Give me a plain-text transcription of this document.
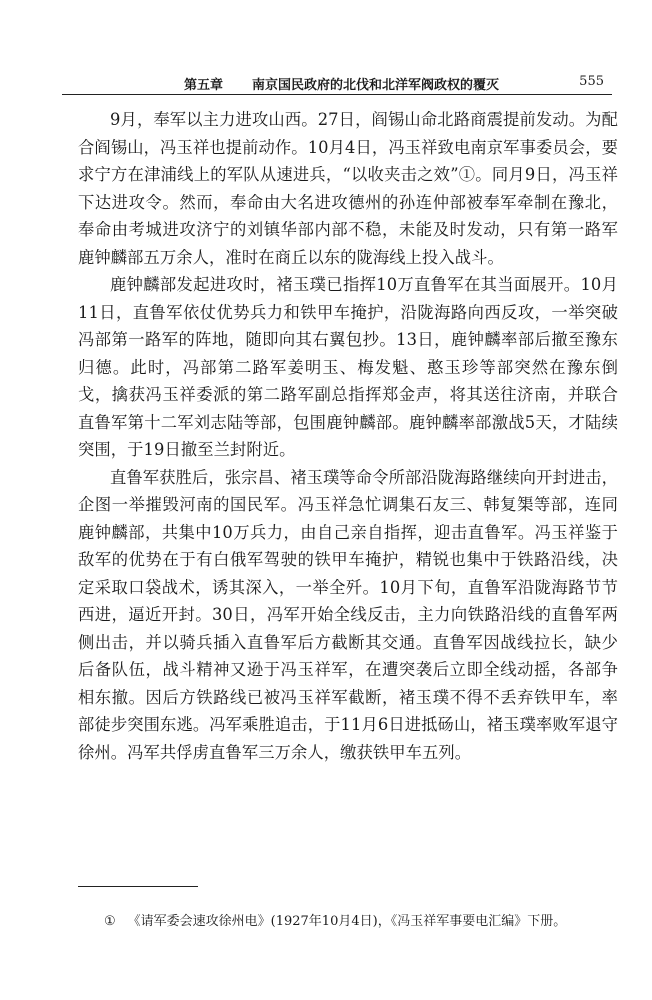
第五章 南京国民政府的北伐和北洋军阀政权的覆灭	555

9月，奉军以主力进攻山西。27日，阎锡山命北路商震提前发动。为配合阎锡山，冯玉祥也提前动作。10月4日，冯玉祥致电南京军事委员会，要求宁方在津浦线上的军队从速进兵，“以收夹击之效”①。同月9日，冯玉祥下达进攻令。然而，奉命由大名进攻德州的孙连仲部被奉军牵制在豫北，奉命由考城进攻济宁的刘镇华部内部不稳，未能及时发动，只有第一路军鹿钟麟部五万余人，准时在商丘以东的陇海线上投入战斗。

鹿钟麟部发起进攻时，褚玉璞已指挥10万直鲁军在其当面展开。10月11日，直鲁军依仗优势兵力和铁甲车掩护，沿陇海路向西反攻，一举突破冯部第一路军的阵地，随即向其右翼包抄。13日，鹿钟麟率部后撤至豫东归德。此时，冯部第二路军姜明玉、梅发魁、憨玉珍等部突然在豫东倒戈，擒获冯玉祥委派的第二路军副总指挥郑金声，将其送往济南，并联合直鲁军第十二军刘志陆等部，包围鹿钟麟部。鹿钟麟率部激战5天，才陆续突围，于19日撤至兰封附近。

直鲁军获胜后，张宗昌、褚玉璞等命令所部沿陇海路继续向开封进击，企图一举摧毁河南的国民军。冯玉祥急忙调集石友三、韩复榘等部，连同鹿钟麟部，共集中10万兵力，由自己亲自指挥，迎击直鲁军。冯玉祥鉴于敌军的优势在于有白俄军驾驶的铁甲车掩护，精锐也集中于铁路沿线，决定采取口袋战术，诱其深入，一举全歼。10月下旬，直鲁军沿陇海路节节西进，逼近开封。30日，冯军开始全线反击，主力向铁路沿线的直鲁军两侧出击，并以骑兵插入直鲁军后方截断其交通。直鲁军因战线拉长，缺少后备队伍，战斗精神又逊于冯玉祥军，在遭突袭后立即全线动摇，各部争相东撤。因后方铁路线已被冯玉祥军截断，褚玉璞不得不丢弃铁甲车，率部徒步突围东逃。冯军乘胜追击，于11月6日进抵砀山，褚玉璞率败军退守徐州。冯军共俘虏直鲁军三万余人，缴获铁甲车五列。

① 《请军委会速攻徐州电》(1927年10月4日)，《冯玉祥军事要电汇编》下册。
